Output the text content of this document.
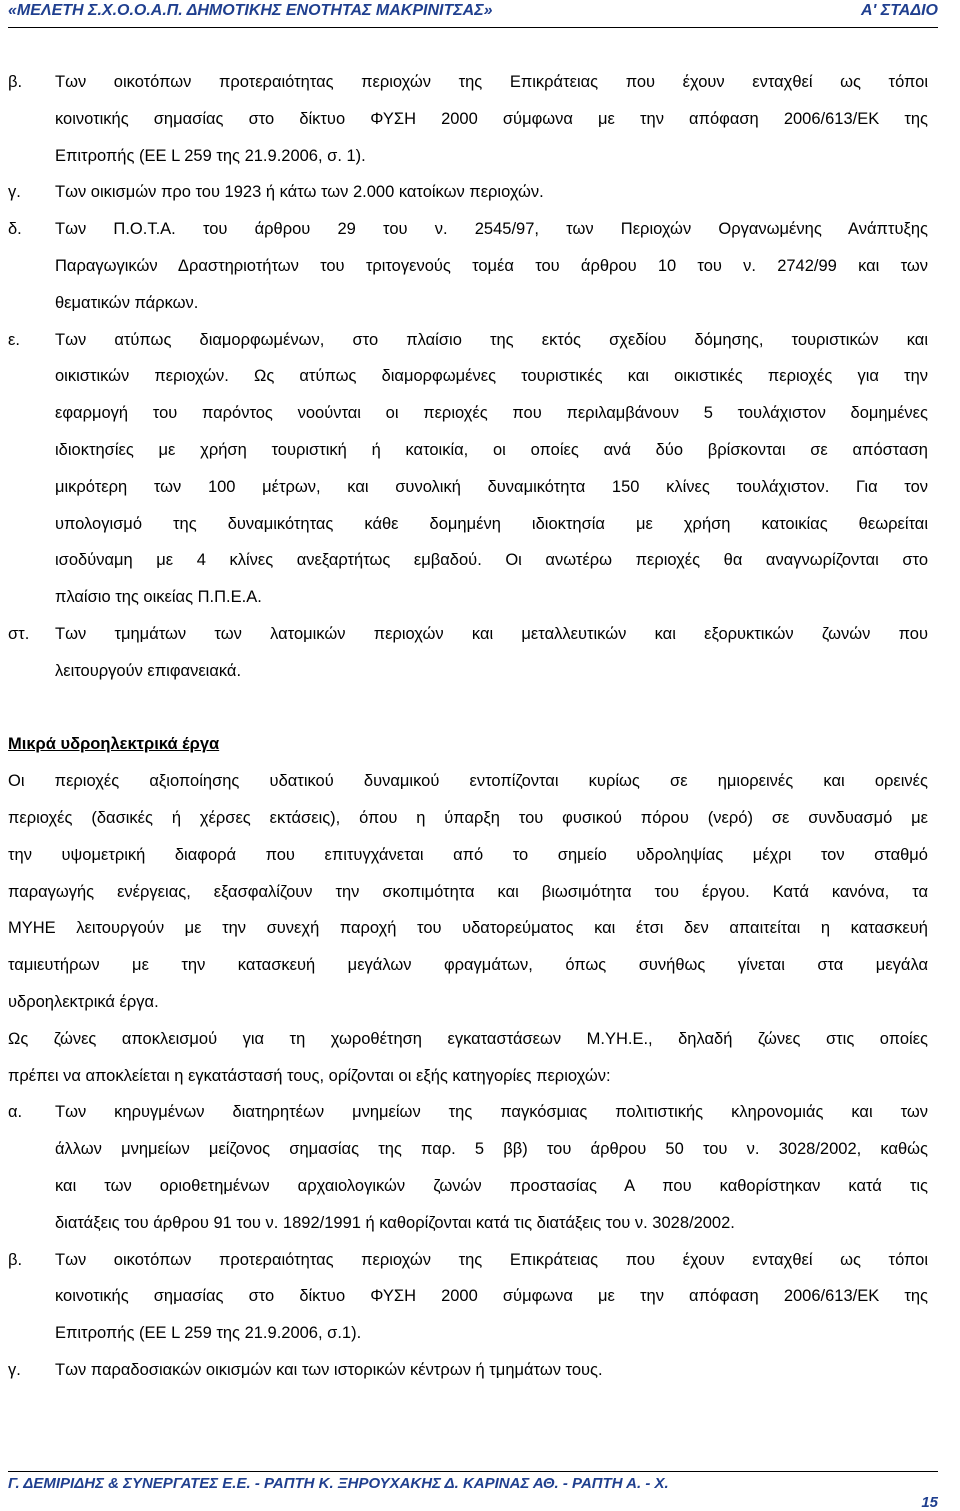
«ΜΕΛΕΤΗ Σ.Χ.Ο.Ο.Α.Π. ΔΗΜΟΤΙΚΗΣ ΕΝΟΤΗΤΑΣ ΜΑΚΡΙΝΙΤΣΑΣ»	Α' ΣΤΑΔΙΟ
β. Των οικοτόπων προτεραιότητας περιοχών της Επικράτειας που έχουν ενταχθεί ως τόποι
κοινοτικής σημασίας στο δίκτυο ΦΥΣΗ 2000 σύμφωνα με την απόφαση 2006/613/ΕΚ της
Επιτροπής (ΕΕ L 259 της 21.9.2006, σ. 1).
γ. Των οικισμών προ του 1923 ή κάτω των 2.000 κατοίκων περιοχών.
δ. Των Π.Ο.Τ.Α. του άρθρου 29 του ν. 2545/97, των Περιοχών Οργανωμένης Ανάπτυξης
Παραγωγικών Δραστηριοτήτων του τριτογενούς τομέα του άρθρου 10 του ν. 2742/99 και των
θεματικών πάρκων.
ε. Των ατύπως διαμορφωμένων, στο πλαίσιο της εκτός σχεδίου δόμησης, τουριστικών και
οικιστικών περιοχών. Ως ατύπως διαμορφωμένες τουριστικές και οικιστικές περιοχές για την
εφαρμογή του παρόντος νοούνται οι περιοχές που περιλαμβάνουν 5 τουλάχιστον δομημένες
ιδιοκτησίες με χρήση τουριστική ή κατοικία, οι οποίες ανά δύο βρίσκονται σε απόσταση
μικρότερη των 100 μέτρων, και συνολική δυναμικότητα 150 κλίνες τουλάχιστον. Για τον
υπολογισμό της δυναμικότητας κάθε δομημένη ιδιοκτησία με χρήση κατοικίας θεωρείται
ισοδύναμη με 4 κλίνες ανεξαρτήτως εμβαδού. Οι ανωτέρω περιοχές θα αναγνωρίζονται στο
πλαίσιο της οικείας Π.Π.Ε.Α.
στ. Των τμημάτων των λατομικών περιοχών και μεταλλευτικών και εξορυκτικών ζωνών που
λειτουργούν επιφανειακά.
Μικρά υδροηλεκτρικά έργα
Οι περιοχές αξιοποίησης υδατικού δυναμικού εντοπίζονται κυρίως σε ημιορεινές και ορεινές
περιοχές (δασικές ή χέρσες εκτάσεις), όπου η ύπαρξη του φυσικού πόρου (νερό) σε συνδυασμό με
την υψομετρική διαφορά που επιτυγχάνεται από το σημείο υδροληψίας μέχρι τον σταθμό
παραγωγής ενέργειας, εξασφαλίζουν την σκοπιμότητα και βιωσιμότητα του έργου. Κατά κανόνα, τα
ΜΥΗΕ λειτουργούν με την συνεχή παροχή του υδατορεύματος και έτσι δεν απαιτείται η κατασκευή
ταμιευτήρων με την κατασκευή μεγάλων φραγμάτων, όπως συνήθως γίνεται στα μεγάλα
υδροηλεκτρικά έργα.
Ως ζώνες αποκλεισμού για τη χωροθέτηση εγκαταστάσεων Μ.ΥΗ.Ε., δηλαδή ζώνες στις οποίες
πρέπει να αποκλείεται η εγκατάστασή τους, ορίζονται οι εξής κατηγορίες περιοχών:
α. Των κηρυγμένων διατηρητέων μνημείων της παγκόσμιας πολιτιστικής κληρονομιάς και των
άλλων μνημείων μείζονος σημασίας της παρ. 5 ββ) του άρθρου 50 του ν. 3028/2002, καθώς
και των οριοθετημένων αρχαιολογικών ζωνών προστασίας Α που καθορίστηκαν κατά τις
διατάξεις του άρθρου 91 του ν. 1892/1991 ή καθορίζονται κατά τις διατάξεις του ν. 3028/2002.
β. Των οικοτόπων προτεραιότητας περιοχών της Επικράτειας που έχουν ενταχθεί ως τόποι
κοινοτικής σημασίας στο δίκτυο ΦΥΣΗ 2000 σύμφωνα με την απόφαση 2006/613/ΕΚ της
Επιτροπής (ΕΕ L 259 της 21.9.2006, σ.1).
γ. Των παραδοσιακών οικισμών και των ιστορικών κέντρων ή τμημάτων τους.
Γ. ΔΕΜΙΡΙΔΗΣ & ΣΥΝΕΡΓΑΤΕΣ Ε.Ε. - ΡΑΠΤΗ Κ. ΞΗΡΟΥΧΑΚΗΣ Δ. ΚΑΡΙΝΑΣ ΑΘ. - ΡΑΠΤΗ Α. - Χ.
15
